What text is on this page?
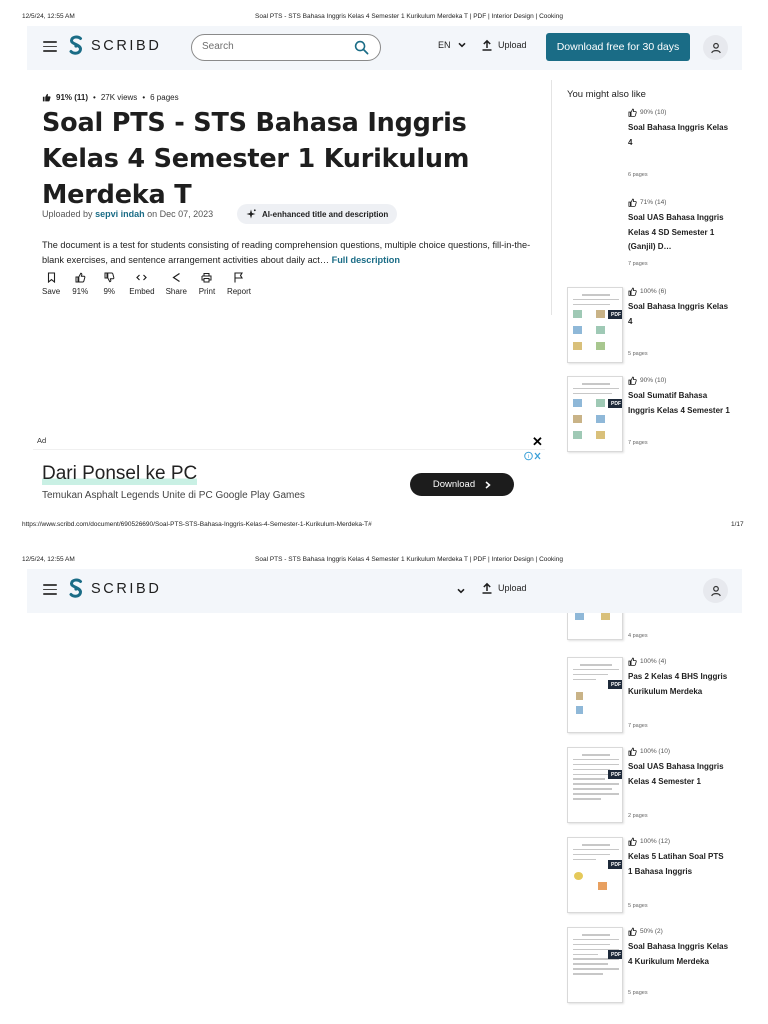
12/5/24, 12:55 AM	Soal PTS - STS Bahasa Inggris Kelas 4 Semester 1 Kurikulum Merdeka T | PDF | Interior Design | Cooking
SCRIBD
Search	EN	Upload	Download free for 30 days
91% (11) • 27K views • 6 pages
Soal PTS - STS Bahasa Inggris Kelas 4 Semester 1 Kurikulum Merdeka T
Uploaded by sepvi indah on Dec 07, 2023	AI-enhanced title and description

The document is a test for students consisting of reading comprehension questions, multiple choice questions, fill-in-the-blank exercises, and sentence arrangement activities about daily act… Full description

Save 91% 9% Embed Share Print Report
Ad	✕
i
Dari Ponsel ke PC
Temukan Asphalt Legends Unite di PC Google Play Games
Download
You might also like
90% (10)
Soal Bahasa Inggris Kelas 4
6 pages
71% (14)
Soal UAS Bahasa Inggris Kelas 4 SD Semester 1 (Ganjil) D…
7 pages
PDF
100% (6)
Soal Bahasa Inggris Kelas 4
5 pages
PDF
90% (10)
Soal Sumatif Bahasa Inggris Kelas 4 Semester 1
7 pages
https://www.scribd.com/document/690526690/Soal-PTS-STS-Bahasa-Inggris-Kelas-4-Semester-1-Kurikulum-Merdeka-T#	1/17
12/5/24, 12:55 AM	Soal PTS - STS Bahasa Inggris Kelas 4 Semester 1 Kurikulum Merdeka T | PDF | Interior Design | Cooking
4 pages
SCRIBD	Upload
PDF
100% (4)
Pas 2 Kelas 4 BHS Inggris Kurikulum Merdeka
7 pages
PDF
100% (10)
Soal UAS Bahasa Inggris Kelas 4 Semester 1
2 pages
PDF
100% (12)
Kelas 5 Latihan Soal PTS 1 Bahasa Inggris
5 pages
PDF
50% (2)
Soal Bahasa Inggris Kelas 4 Kurikulum Merdeka
5 pages
